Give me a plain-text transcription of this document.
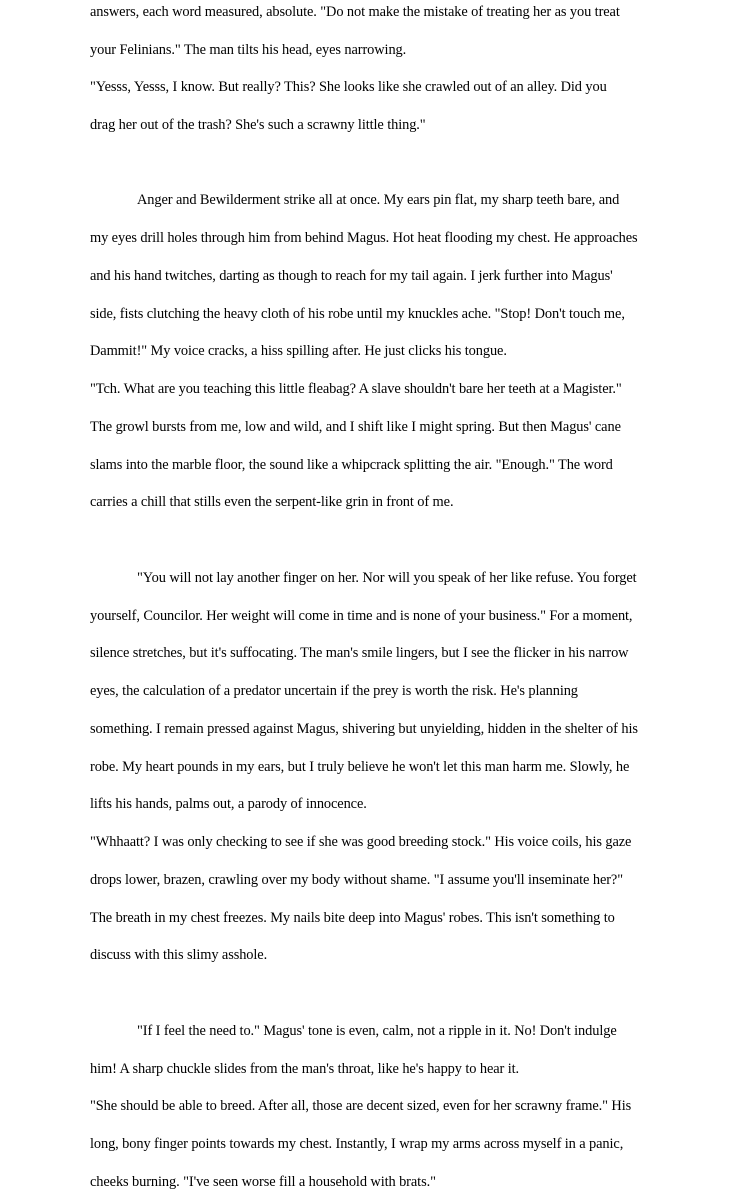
answers, each word measured, absolute. "Do not make the mistake of treating her as you treat
your Felinians." The man tilts his head, eyes narrowing.
"Yesss, Yesss, I know. But really? This? She looks like she crawled out of an alley. Did you
drag her out of the trash? She's such a scrawny little thing."
Anger and Bewilderment strike all at once. My ears pin flat, my sharp teeth bare, and
my eyes drill holes through him from behind Magus. Hot heat flooding my chest. He approaches
and his hand twitches, darting as though to reach for my tail again. I jerk further into Magus'
side, fists clutching the heavy cloth of his robe until my knuckles ache. "Stop! Don't touch me,
Dammit!" My voice cracks, a hiss spilling after. He just clicks his tongue.
"Tch. What are you teaching this little fleabag? A slave shouldn't bare her teeth at a Magister."
The growl bursts from me, low and wild, and I shift like I might spring. But then Magus' cane
slams into the marble floor, the sound like a whipcrack splitting the air. "Enough." The word
carries a chill that stills even the serpent-like grin in front of me.
"You will not lay another finger on her. Nor will you speak of her like refuse. You forget
yourself, Councilor. Her weight will come in time and is none of your business." For a moment,
silence stretches, but it's suffocating. The man's smile lingers, but I see the flicker in his narrow
eyes, the calculation of a predator uncertain if the prey is worth the risk. He's planning
something. I remain pressed against Magus, shivering but unyielding, hidden in the shelter of his
robe. My heart pounds in my ears, but I truly believe he won't let this man harm me. Slowly, he
lifts his hands, palms out, a parody of innocence.
"Whhaatt? I was only checking to see if she was good breeding stock." His voice coils, his gaze
drops lower, brazen, crawling over my body without shame. "I assume you'll inseminate her?"
The breath in my chest freezes. My nails bite deep into Magus' robes. This isn't something to
discuss with this slimy asshole.
"If I feel the need to." Magus' tone is even, calm, not a ripple in it. No! Don't indulge
him! A sharp chuckle slides from the man's throat, like he's happy to hear it.
"She should be able to breed. After all, those are decent sized, even for her scrawny frame." His
long, bony finger points towards my chest. Instantly, I wrap my arms across myself in a panic,
cheeks burning. "I've seen worse fill a household with brats."
